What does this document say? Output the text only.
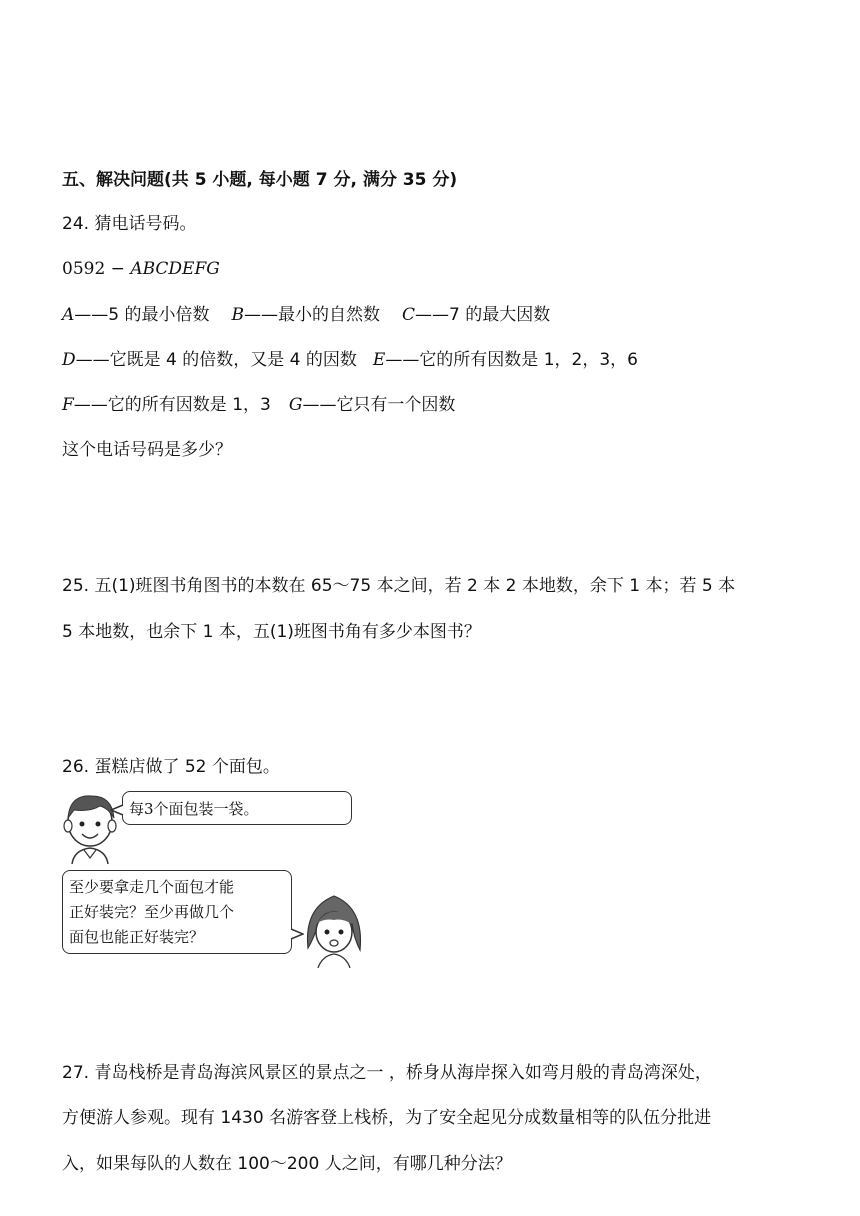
五、解决问题(共 5 小题, 每小题 7 分, 满分 35 分)
24. 猜电话号码。
0592 − ABCDEFG
A——5 的最小倍数 B——最小的自然数 C——7 的最大因数
D——它既是 4 的倍数，又是 4 的因数 E——它的所有因数是 1，2，3，6
F——它的所有因数是 1，3 G——它只有一个因数
这个电话号码是多少？
25. 五(1)班图书角图书的本数在 65～75 本之间，若 2 本 2 本地数，余下 1 本；若 5 本
5 本地数，也余下 1 本，五(1)班图书角有多少本图书？
26. 蛋糕店做了 52 个面包。
每3个面包装一袋。
至少要拿走几个面包才能
正好装完？至少再做几个
面包也能正好装完？
27. 青岛栈桥是青岛海滨风景区的景点之一 ，桥身从海岸探入如弯月般的青岛湾深处，
方便游人参观。现有 1430 名游客登上栈桥，为了安全起见分成数量相等的队伍分批进
入，如果每队的人数在 100～200 人之间，有哪几种分法？
